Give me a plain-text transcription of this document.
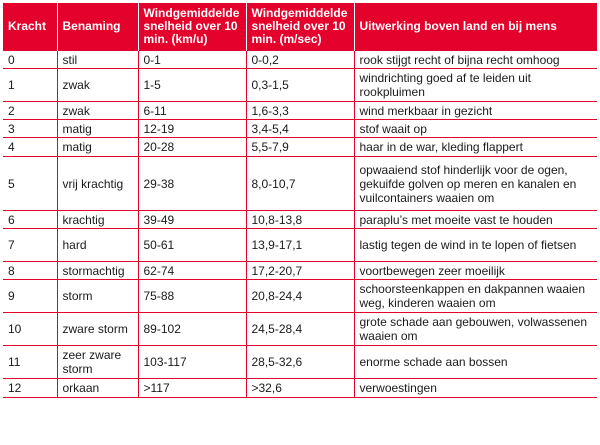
Kracht	Benaming	Windgemiddelde snelheid over 10 min. (km/u)	Windgemiddelde snelheid over 10 min. (m/sec)	Uitwerking boven land en bij mens
0	stil	0-1	0-0,2	rook stijgt recht of bijna recht omhoog
1	zwak	1-5	0,3-1,5	windrichting goed af te leiden uit rookpluimen
2	zwak	6-11	1,6-3,3	wind merkbaar in gezicht
3	matig	12-19	3,4-5,4	stof waait op
4	matig	20-28	5,5-7,9	haar in de war, kleding flappert
5	vrij krachtig	29-38	8,0-10,7	opwaaiend stof hinderlijk voor de ogen, gekuifde golven op meren en kanalen en vuilcontainers waaien om
6	krachtig	39-49	10,8-13,8	paraplu’s met moeite vast te houden
7	hard	50-61	13,9-17,1	lastig tegen de wind in te lopen of fietsen
8	stormachtig	62-74	17,2-20,7	voortbewegen zeer moeilijk
9	storm	75-88	20,8-24,4	schoorsteenkappen en dakpannen waaien weg, kinderen waaien om
10	zware storm	89-102	24,5-28,4	grote schade aan gebouwen, volwassenen waaien om
11	zeer zware storm	103-117	28,5-32,6	enorme schade aan bossen
12	orkaan	>117	>32,6	verwoestingen
